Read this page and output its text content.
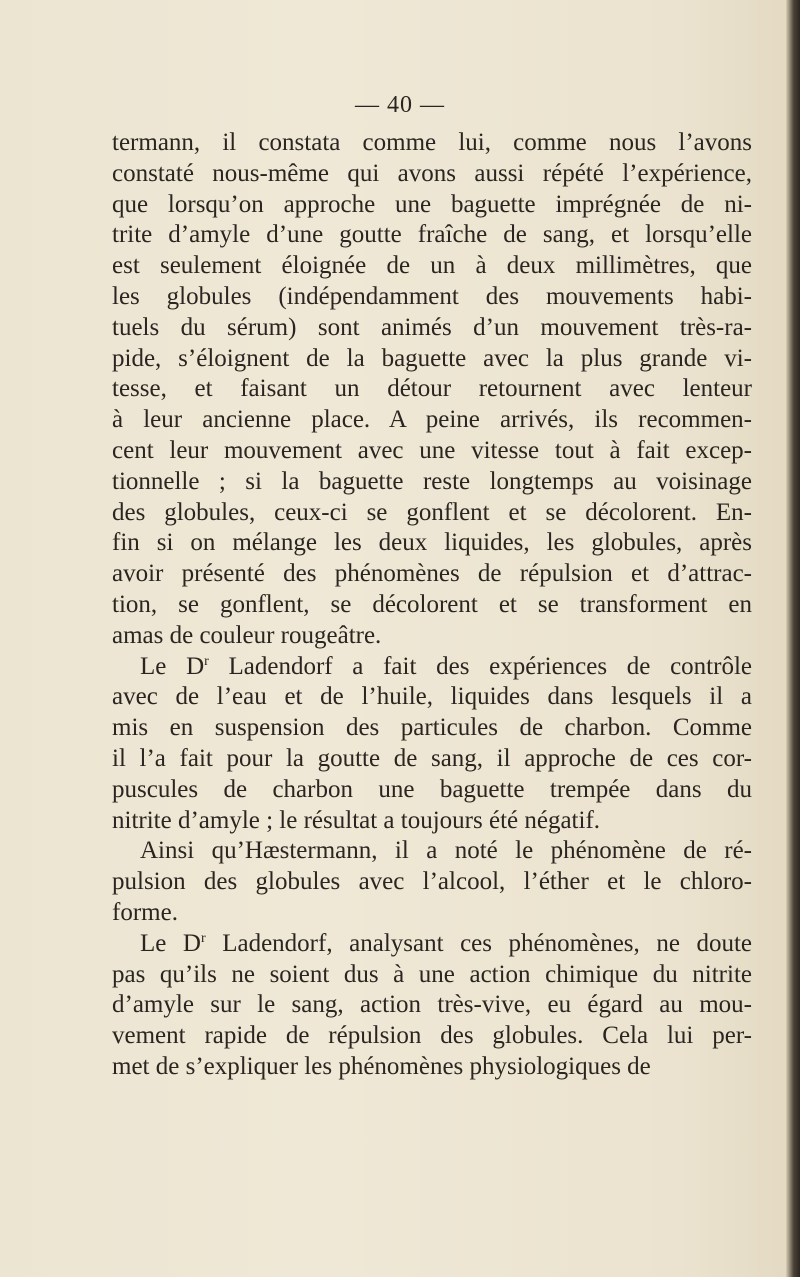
— 40 —
termann, il constata comme lui, comme nous l’avons
constaté nous-même qui avons aussi répété l’expérience,
que lorsqu’on approche une baguette imprégnée de ni-
trite d’amyle d’une goutte fraîche de sang, et lorsqu’elle
est seulement éloignée de un à deux millimètres, que
les globules (indépendamment des mouvements habi-
tuels du sérum) sont animés d’un mouvement très-ra-
pide, s’éloignent de la baguette avec la plus grande vi-
tesse, et faisant un détour retournent avec lenteur
à leur ancienne place. A peine arrivés, ils recommen-
cent leur mouvement avec une vitesse tout à fait excep-
tionnelle ; si la baguette reste longtemps au voisinage
des globules, ceux-ci se gonflent et se décolorent. En-
fin si on mélange les deux liquides, les globules, après
avoir présenté des phénomènes de répulsion et d’attrac-
tion, se gonflent, se décolorent et se transforment en
amas de couleur rougeâtre.
Le $D^r$ Ladendorf a fait des expériences de contrôle
avec de l’eau et de l’huile, liquides dans lesquels il a
mis en suspension des particules de charbon. Comme
il l’a fait pour la goutte de sang, il approche de ces cor-
puscules de charbon une baguette trempée dans du
nitrite d’amyle ; le résultat a toujours été négatif.
Ainsi qu’Hæstermann, il a noté le phénomène de ré-
pulsion des globules avec l’alcool, l’éther et le chloro-
forme.
Le $D^r$ Ladendorf, analysant ces phénomènes, ne doute
pas qu’ils ne soient dus à une action chimique du nitrite
d’amyle sur le sang, action très-vive, eu égard au mou-
vement rapide de répulsion des globules. Cela lui per-
met de s’expliquer les phénomènes physiologiques de
